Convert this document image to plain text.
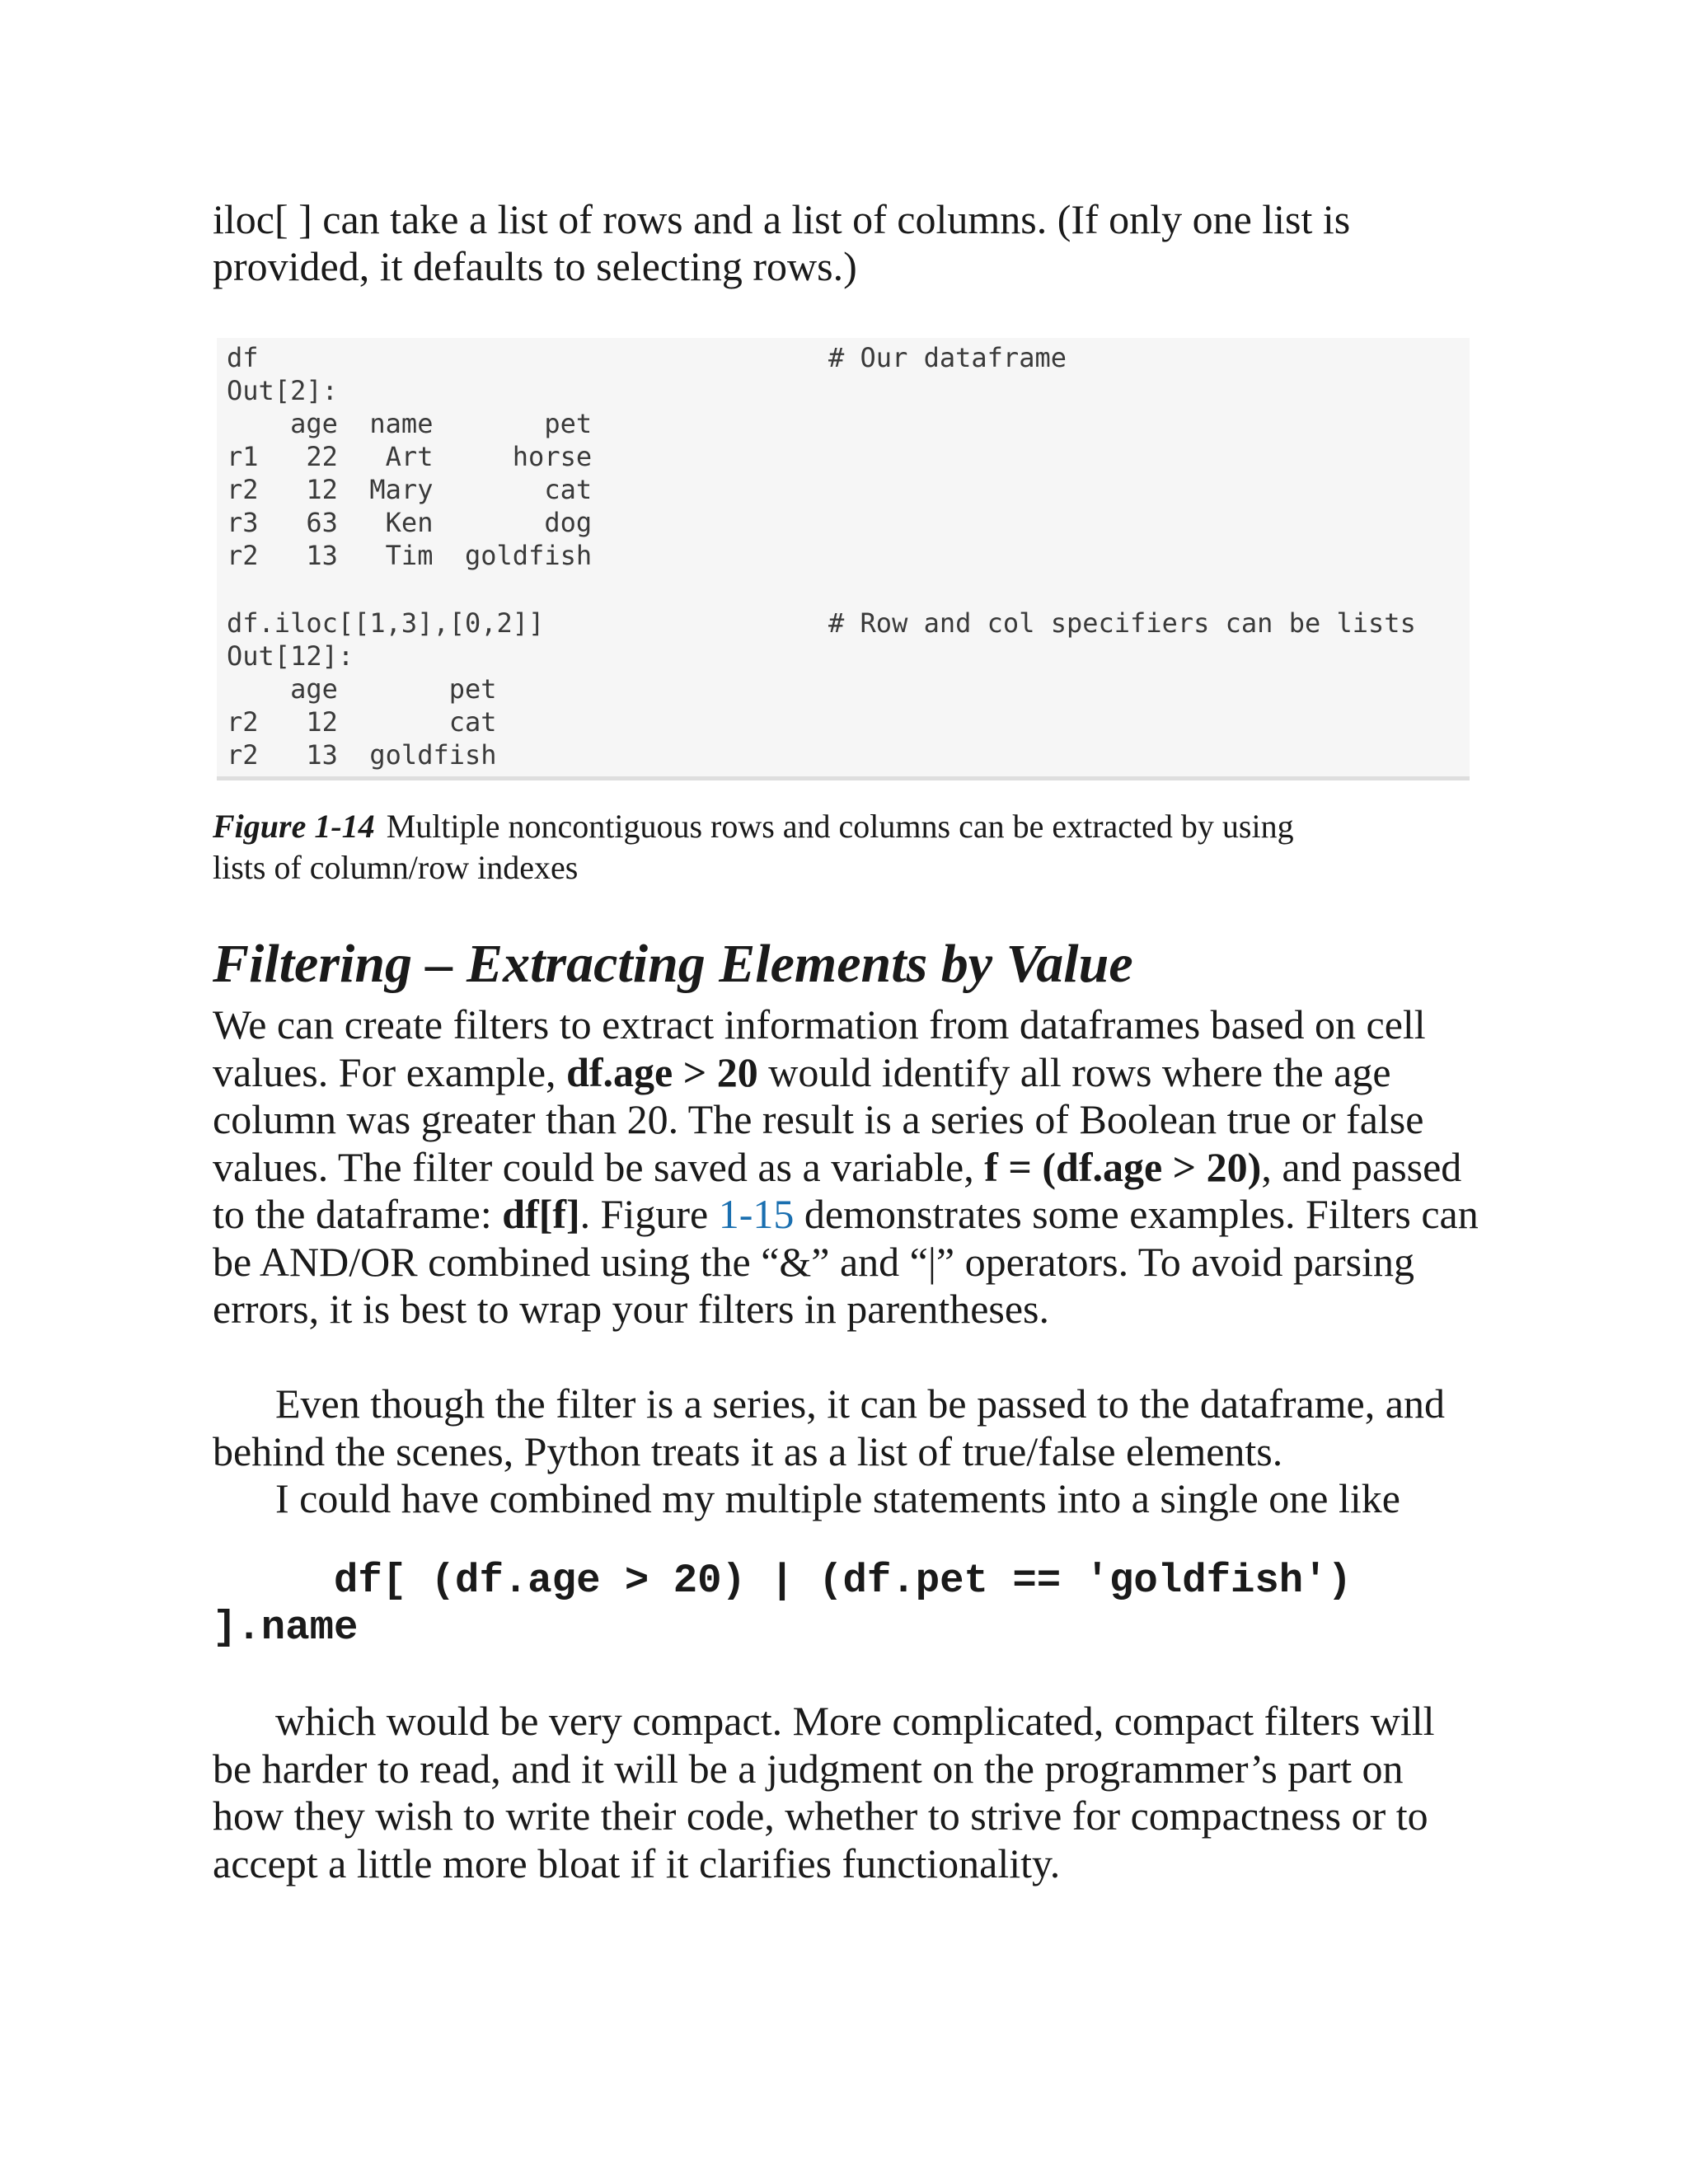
iloc[ ] can take a list of rows and a list of columns. (If only one list is
provided, it defaults to selecting rows.)

df	# Our dataframe
Out[2]:
age  name       pet
r1   22   Art     horse
r2   12  Mary       cat
r3   63   Ken       dog
r2   13   Tim  goldfish
df.iloc[[1,3],[0,2]]	# Row and col specifiers can be lists
Out[12]:
age       pet
r2   12       cat
r2   13  goldfish

Figure 1-14 Multiple noncontiguous rows and columns can be extracted by using
lists of column/row indexes

Filtering – Extracting Elements by Value

We can create filters to extract information from dataframes based on cell values. For example, df.age > 20 would identify all rows where the age column was greater than 20. The result is a series of Boolean true or false values. The filter could be saved as a variable, f = (df.age > 20), and passed to the dataframe: df[f]. Figure 1-15 demonstrates some examples. Filters can be AND/OR combined using the “&” and “|” operators. To avoid parsing errors, it is best to wrap your filters in parentheses.

Even though the filter is a series, it can be passed to the dataframe, and behind the scenes, Python treats it as a list of true/false elements.

I could have combined my multiple statements into a single one like

df[ (df.age > 20) | (df.pet == 'goldfish')
].name

which would be very compact. More complicated, compact filters will be harder to read, and it will be a judgment on the programmer’s part on how they wish to write their code, whether to strive for compactness or to accept a little more bloat if it clarifies functionality.
